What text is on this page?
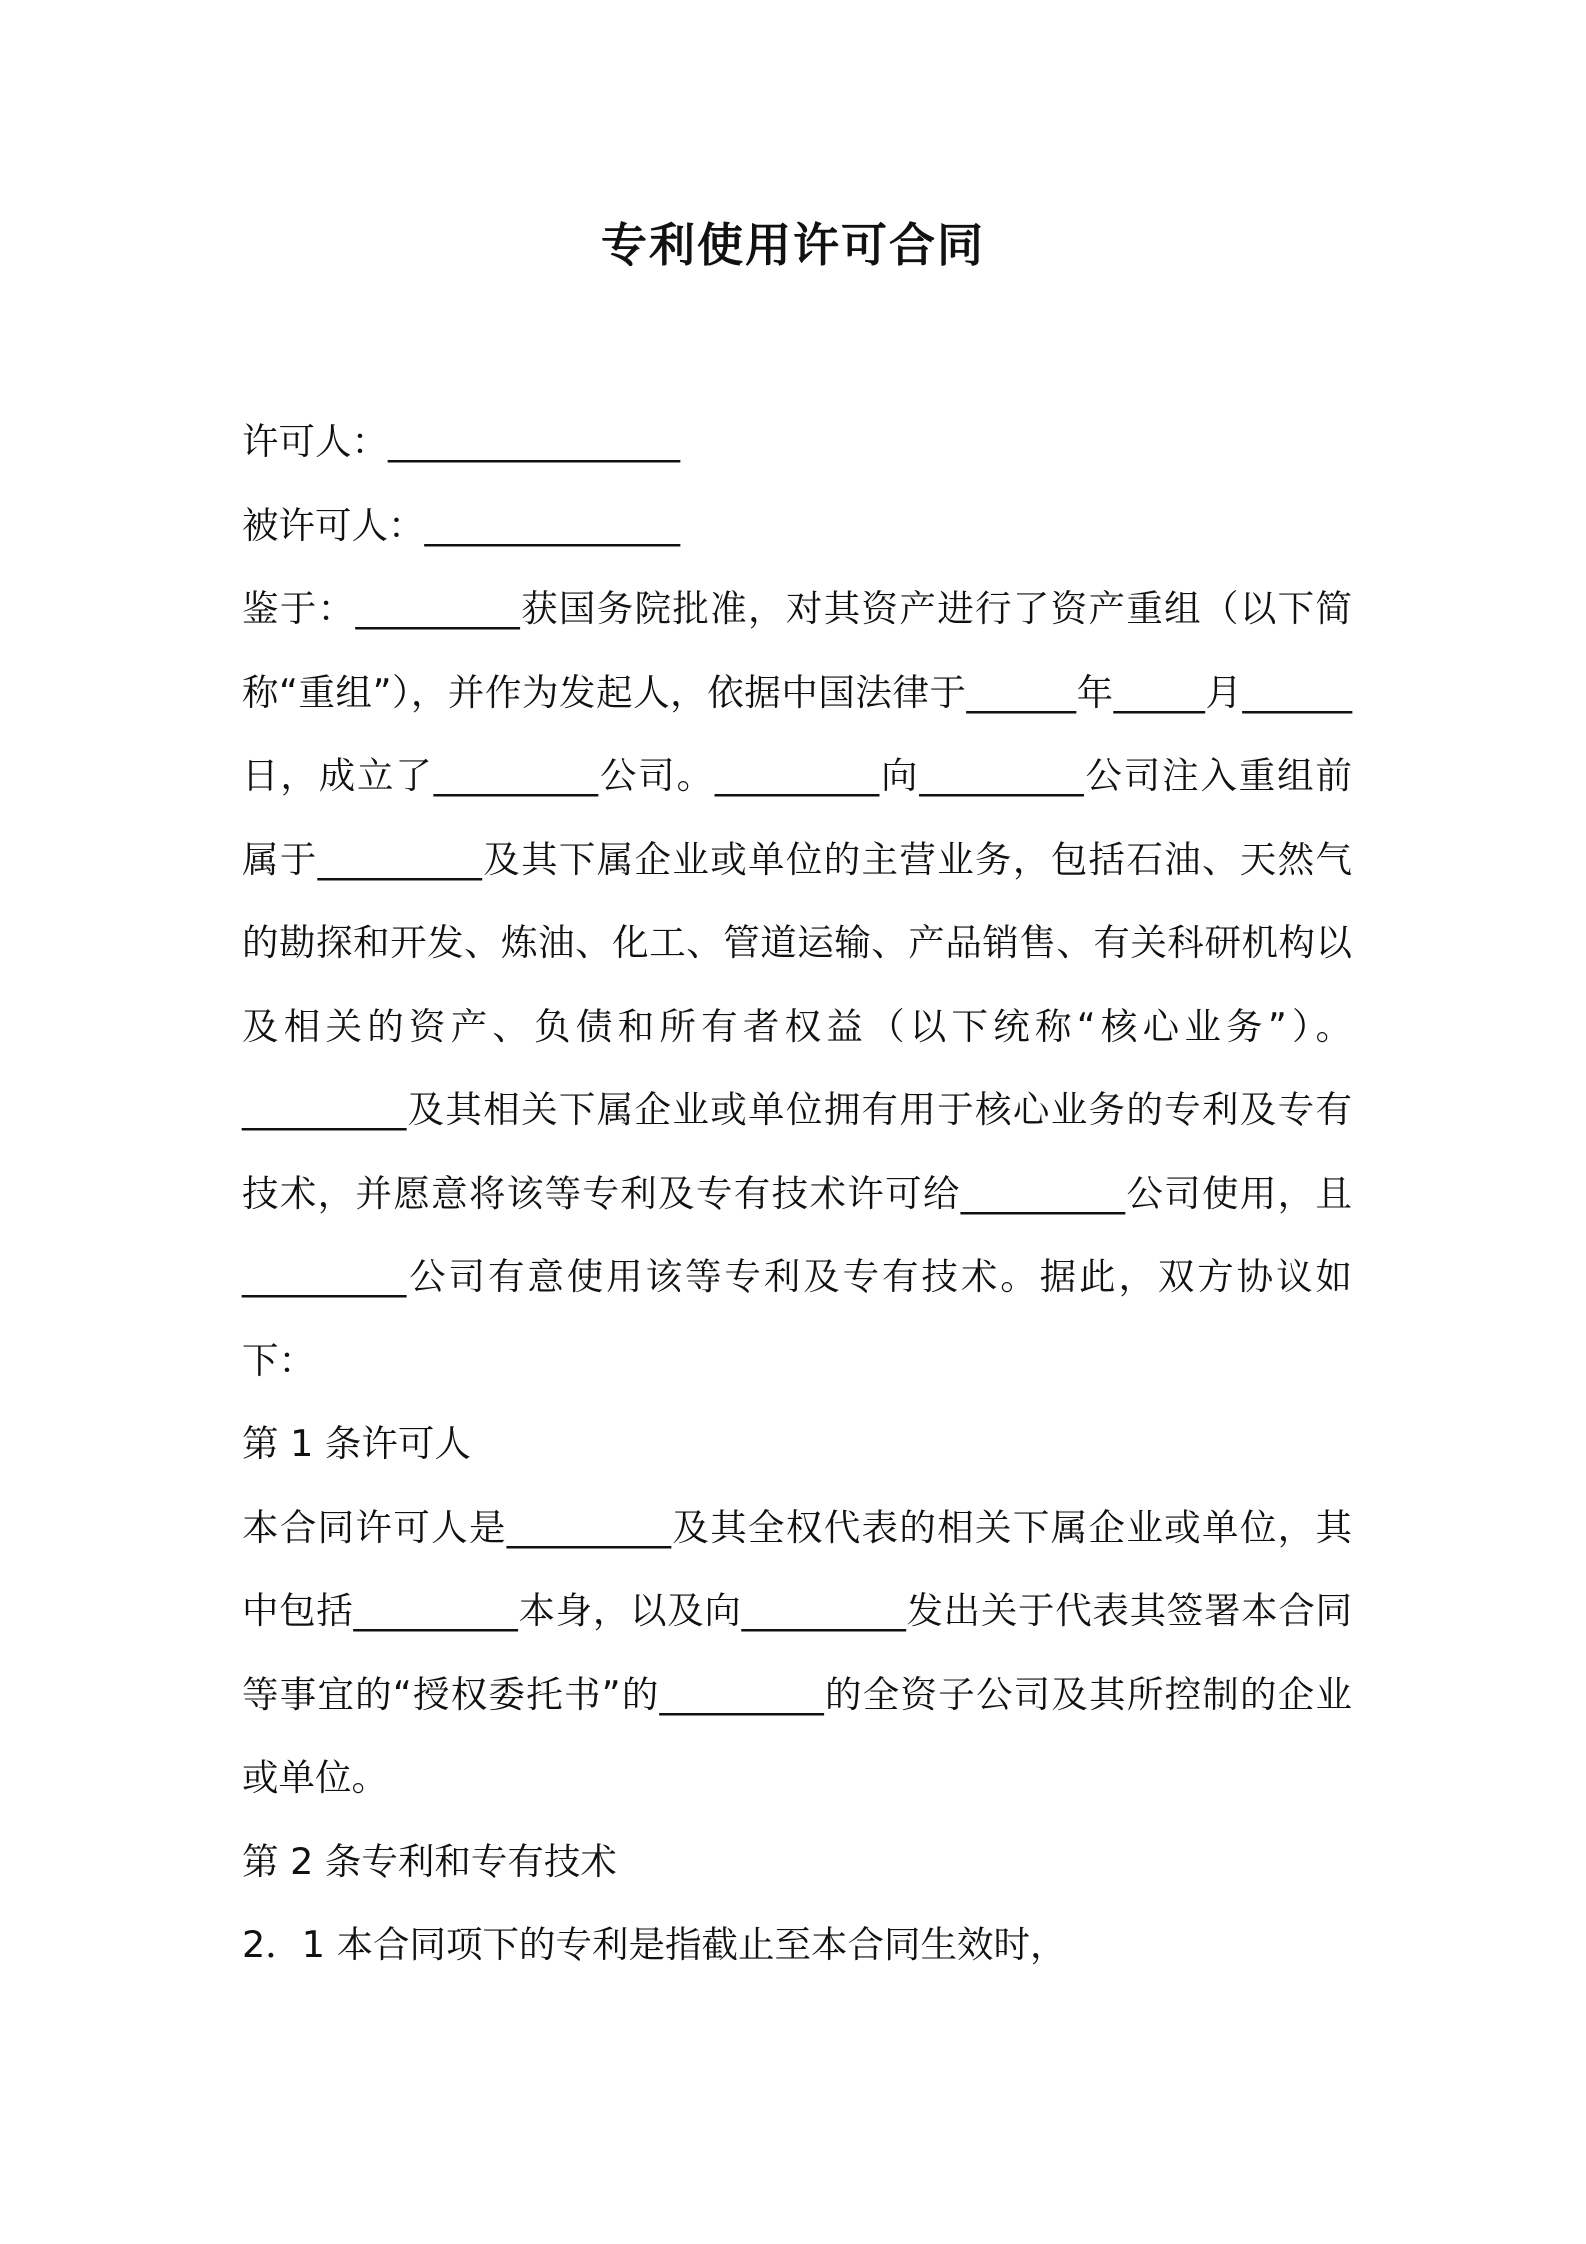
专利使用许可合同

许可人：________________

被许可人：______________

鉴于：_________获国务院批准，对其资产进行了资产重组（以下简称“重组”），并作为发起人，依据中国法律于______年_____月______日，成立了_________公司。_________向_________公司注入重组前属于_________及其下属企业或单位的主营业务，包括石油、天然气的勘探和开发、炼油、化工、管道运输、产品销售、有关科研机构以及相关的资产、负债和所有者权益（以下统称“核心业务”）。_________及其相关下属企业或单位拥有用于核心业务的专利及专有技术，并愿意将该等专利及专有技术许可给_________公司使用，且_________公司有意使用该等专利及专有技术。据此，双方协议如下：

第 1 条许可人

本合同许可人是_________及其全权代表的相关下属企业或单位，其中包括_________本身，以及向_________发出关于代表其签署本合同等事宜的“授权委托书”的_________的全资子公司及其所控制的企业或单位。

第 2 条专利和专有技术

2．1 本合同项下的专利是指截止至本合同生效时，
